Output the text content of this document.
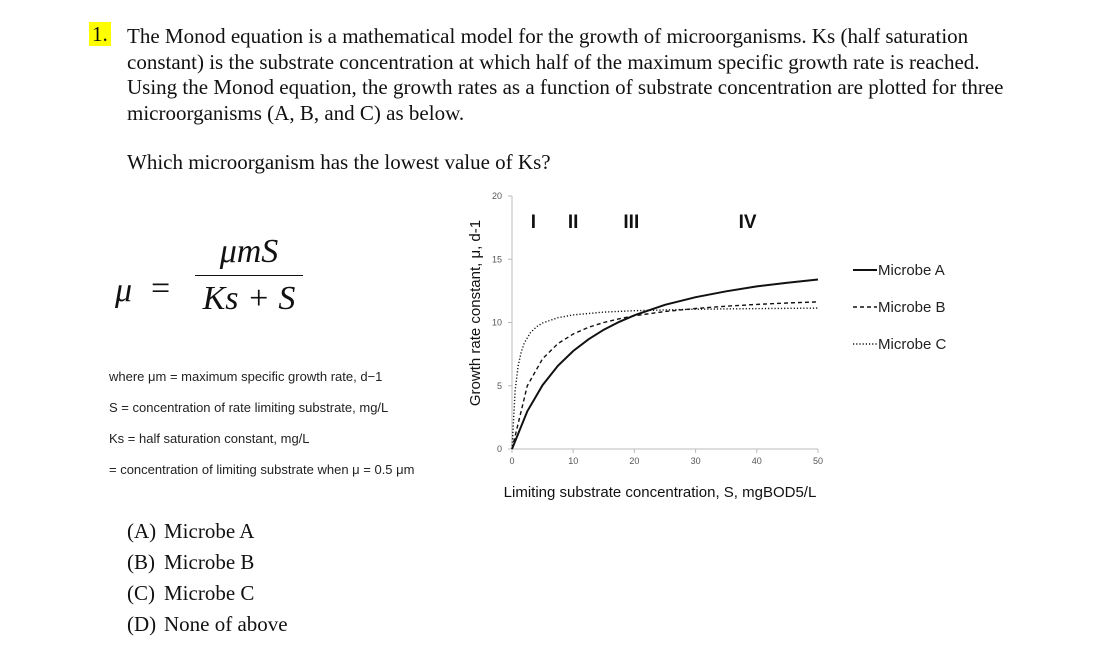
1. The Monod equation is a mathematical model for the growth of microorganisms. Ks (half saturation constant) is the substrate concentration at which half of the maximum specific growth rate is reached. Using the Monod equation, the growth rates as a function of substrate concentration are plotted for three microorganisms (A, B, and C) as below.
Which microorganism has the lowest value of Ks?
μ =
μmS
Ks + S
where μm = maximum specific growth rate, d−1
S = concentration of rate limiting substrate, mg/L
Ks = half saturation constant, mg/L
= concentration of limiting substrate when μ = 0.5 μm
0	10	20	30	40	50
0
5
10
15
20
Microbe A
Microbe B
Microbe C
I II III	IV
Limiting substrate concentration, S, mgBOD5/L
Growth rate constant, μ, d-1
(A) Microbe A
(B) Microbe B
(C) Microbe C
(D) None of above
